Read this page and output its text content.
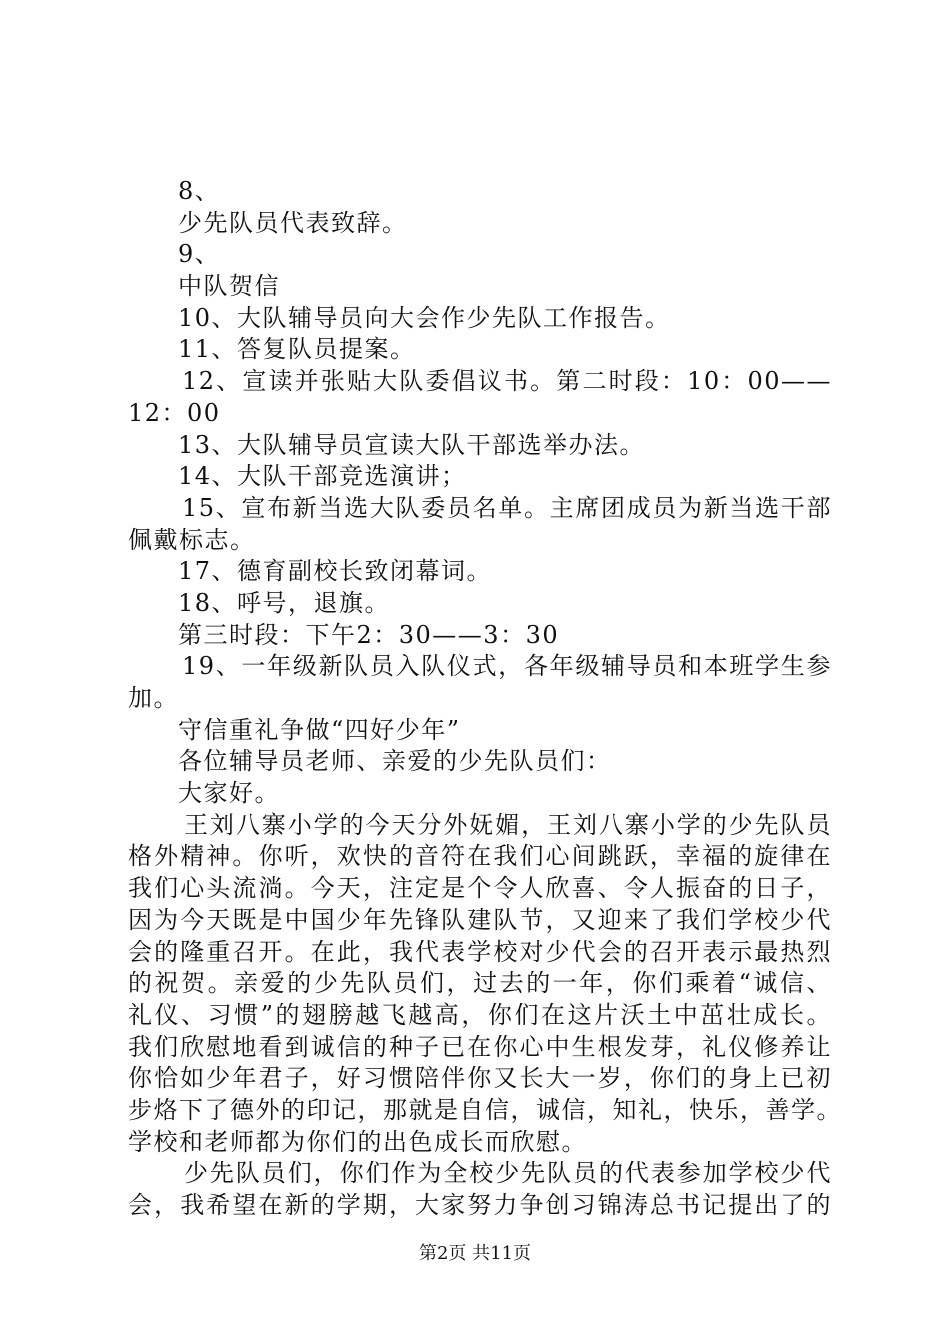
8、
少先队员代表致辞。
9、
中队贺信
10、大队辅导员向大会作少先队工作报告。
11、答复队员提案。
12、宣读并张贴大队委倡议书。第二时段：10：00——
12：00
13、大队辅导员宣读大队干部选举办法。
14、大队干部竞选演讲；
15、宣布新当选大队委员名单。主席团成员为新当选干部
佩戴标志。
17、德育副校长致闭幕词。
18、呼号，退旗。
第三时段：下午2：30——3：30
19、一年级新队员入队仪式，各年级辅导员和本班学生参
加。
守信重礼争做“四好少年”
各位辅导员老师、亲爱的少先队员们：
大家好。
王刘八寨小学的今天分外妩媚，王刘八寨小学的少先队员
格外精神。你听，欢快的音符在我们心间跳跃，幸福的旋律在
我们心头流淌。今天，注定是个令人欣喜、令人振奋的日子，
因为今天既是中国少年先锋队建队节，又迎来了我们学校少代
会的隆重召开。在此，我代表学校对少代会的召开表示最热烈
的祝贺。亲爱的少先队员们，过去的一年，你们乘着“诚信、
礼仪、习惯”的翅膀越飞越高，你们在这片沃土中茁壮成长。
我们欣慰地看到诚信的种子已在你心中生根发芽，礼仪修养让
你恰如少年君子，好习惯陪伴你又长大一岁，你们的身上已初
步烙下了德外的印记，那就是自信，诚信，知礼，快乐，善学。
学校和老师都为你们的出色成长而欣慰。
少先队员们，你们作为全校少先队员的代表参加学校少代
会，我希望在新的学期，大家努力争创习锦涛总书记提出了的
第2页 共11页
